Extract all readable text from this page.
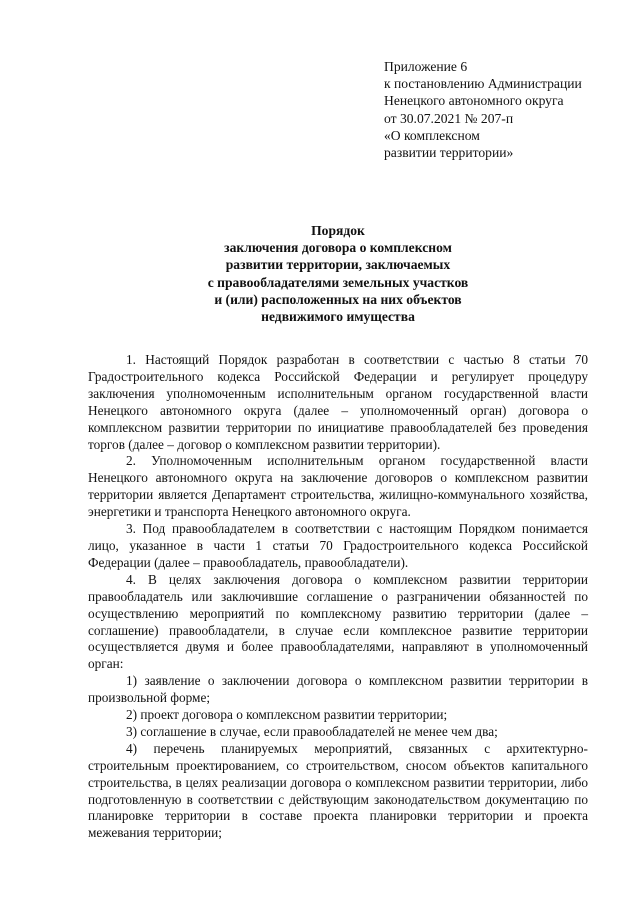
Приложение 6
к постановлению Администрации
Ненецкого автономного округа
от 30.07.2021 № 207-п
«О комплексном
развитии территории»
Порядок
заключения договора о комплексном
развитии территории, заключаемых
с правообладателями земельных участков
и (или) расположенных на них объектов
недвижимого имущества

1. Настоящий Порядок разработан в соответствии с частью 8 статьи 70 Градостроительного кодекса Российской Федерации и регулирует процедуру заключения уполномоченным исполнительным органом государственной власти Ненецкого автономного округа (далее – уполномоченный орган) договора о комплексном развитии территории по инициативе правообладателей без проведения торгов (далее – договор о комплексном развитии территории).

2. Уполномоченным исполнительным органом государственной власти Ненецкого автономного округа на заключение договоров о комплексном развитии территории является Департамент строительства, жилищно-коммунального хозяйства, энергетики и транспорта Ненецкого автономного округа.

3. Под правообладателем в соответствии с настоящим Порядком понимается лицо, указанное в части 1 статьи 70 Градостроительного кодекса Российской Федерации (далее – правообладатель, правообладатели).

4. В целях заключения договора о комплексном развитии территории правообладатель или заключившие соглашение о разграничении обязанностей по осуществлению мероприятий по комплексному развитию территории (далее – соглашение) правообладатели, в случае если комплексное развитие территории осуществляется двумя и более правообладателями, направляют в уполномоченный орган:

1) заявление о заключении договора о комплексном развитии территории в произвольной форме;

2) проект договора о комплексном развитии территории;

3) соглашение в случае, если правообладателей не менее чем два;

4) перечень планируемых мероприятий, связанных с архитектурно-строительным проектированием, со строительством, сносом объектов капитального строительства, в целях реализации договора о комплексном развитии территории, либо подготовленную в соответствии с действующим законодательством документацию по планировке территории в составе проекта планировки территории и проекта межевания территории;
